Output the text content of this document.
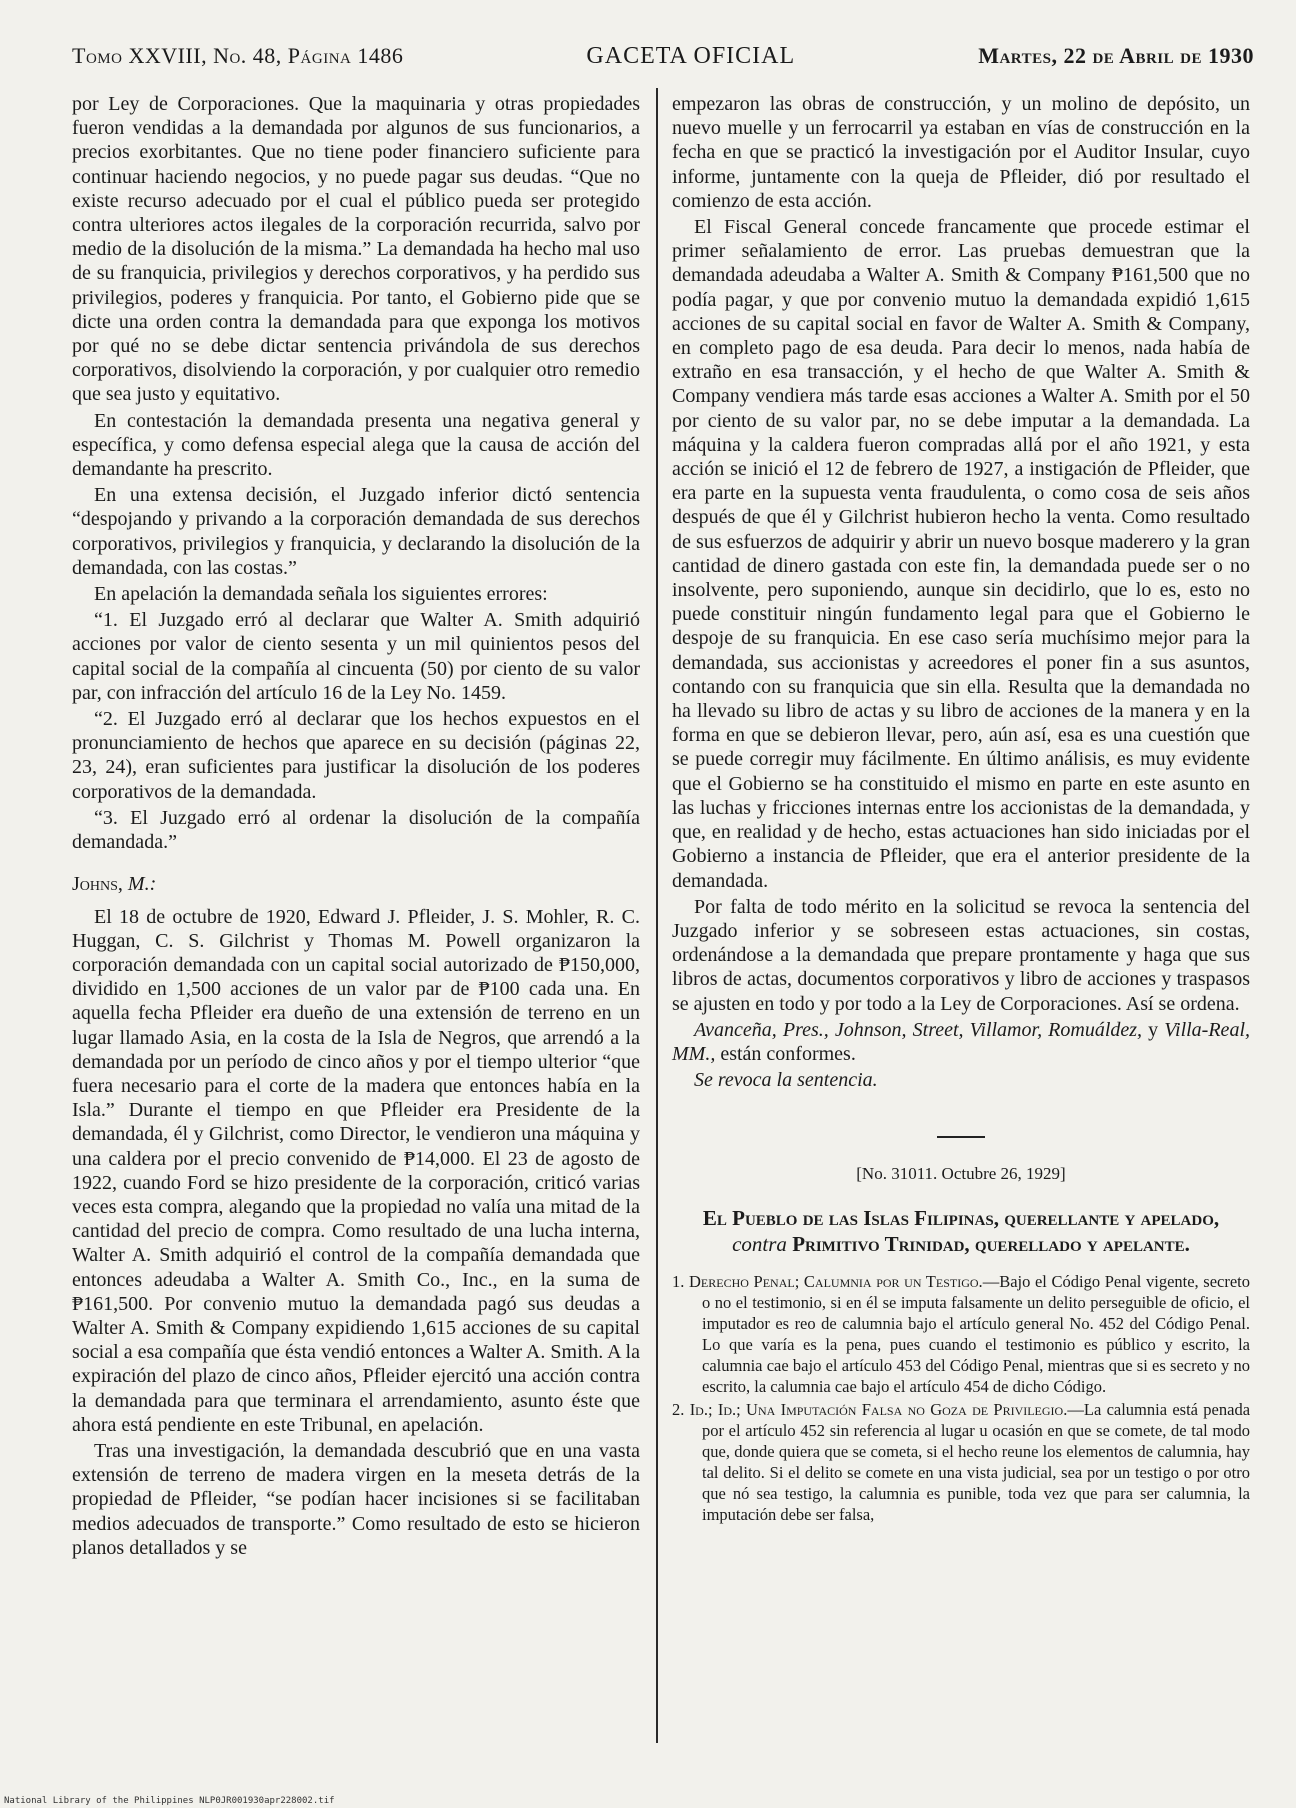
Tomo XXVIII, No. 48, Página 1486	GACETA OFICIAL	Martes, 22 de Abril de 1930

por Ley de Corporaciones. Que la maquinaria y otras propiedades fueron vendidas a la demandada por algunos de sus funcionarios, a precios exorbitantes. Que no tiene poder financiero suficiente para continuar haciendo negocios, y no puede pagar sus deudas. “Que no existe recurso adecuado por el cual el público pueda ser protegido contra ulteriores actos ilegales de la corporación recurrida, salvo por medio de la disolución de la misma.” La demandada ha hecho mal uso de su franquicia, privilegios y derechos corporativos, y ha perdido sus privilegios, poderes y franquicia. Por tanto, el Gobierno pide que se dicte una orden contra la demandada para que exponga los motivos por qué no se debe dictar sentencia privándola de sus derechos corporativos, disolviendo la corporación, y por cualquier otro remedio que sea justo y equitativo.

En contestación la demandada presenta una negativa general y específica, y como defensa especial alega que la causa de acción del demandante ha prescrito.

En una extensa decisión, el Juzgado inferior dictó sentencia “despojando y privando a la corporación demandada de sus derechos corporativos, privilegios y franquicia, y declarando la disolución de la demandada, con las costas.”

En apelación la demandada señala los siguientes errores:

“1. El Juzgado erró al declarar que Walter A. Smith adquirió acciones por valor de ciento sesenta y un mil quinientos pesos del capital social de la compañía al cincuenta (50) por ciento de su valor par, con infracción del artículo 16 de la Ley No. 1459.

“2. El Juzgado erró al declarar que los hechos expuestos en el pronunciamiento de hechos que aparece en su decisión (páginas 22, 23, 24), eran suficientes para justificar la disolución de los poderes corporativos de la demandada.

“3. El Juzgado erró al ordenar la disolución de la compañía demandada.”

Johns, M.:

El 18 de octubre de 1920, Edward J. Pfleider, J. S. Mohler, R. C. Huggan, C. S. Gilchrist y Thomas M. Powell organizaron la corporación demandada con un capital social autorizado de ₱150,000, dividido en 1,500 acciones de un valor par de ₱100 cada una. En aquella fecha Pfleider era dueño de una extensión de terreno en un lugar llamado Asia, en la costa de la Isla de Negros, que arrendó a la demandada por un período de cinco años y por el tiempo ulterior “que fuera necesario para el corte de la madera que entonces había en la Isla.” Durante el tiempo en que Pfleider era Presidente de la demandada, él y Gilchrist, como Director, le vendieron una máquina y una caldera por el precio convenido de ₱14,000. El 23 de agosto de 1922, cuando Ford se hizo presidente de la corporación, criticó varias veces esta compra, alegando que la propiedad no valía una mitad de la cantidad del precio de compra. Como resultado de una lucha interna, Walter A. Smith adquirió el control de la compañía demandada que entonces adeudaba a Walter A. Smith Co., Inc., en la suma de ₱161,500. Por convenio mutuo la demandada pagó sus deudas a Walter A. Smith & Company expidiendo 1,615 acciones de su capital social a esa compañía que ésta vendió entonces a Walter A. Smith. A la expiración del plazo de cinco años, Pfleider ejercitó una acción contra la demandada para que terminara el arrendamiento, asunto éste que ahora está pendiente en este Tribunal, en apelación.

Tras una investigación, la demandada descubrió que en una vasta extensión de terreno de madera virgen en la meseta detrás de la propiedad de Pfleider, “se podían hacer incisiones si se facilitaban medios adecuados de transporte.” Como resultado de esto se hicieron planos detallados y se

empezaron las obras de construcción, y un molino de depósito, un nuevo muelle y un ferrocarril ya estaban en vías de construcción en la fecha en que se practicó la investigación por el Auditor Insular, cuyo informe, juntamente con la queja de Pfleider, dió por resultado el comienzo de esta acción.

El Fiscal General concede francamente que procede estimar el primer señalamiento de error. Las pruebas demuestran que la demandada adeudaba a Walter A. Smith & Company ₱161,500 que no podía pagar, y que por convenio mutuo la demandada expidió 1,615 acciones de su capital social en favor de Walter A. Smith & Company, en completo pago de esa deuda. Para decir lo menos, nada había de extraño en esa transacción, y el hecho de que Walter A. Smith & Company vendiera más tarde esas acciones a Walter A. Smith por el 50 por ciento de su valor par, no se debe imputar a la demandada. La máquina y la caldera fueron compradas allá por el año 1921, y esta acción se inició el 12 de febrero de 1927, a instigación de Pfleider, que era parte en la supuesta venta fraudulenta, o como cosa de seis años después de que él y Gilchrist hubieron hecho la venta. Como resultado de sus esfuerzos de adquirir y abrir un nuevo bosque maderero y la gran cantidad de dinero gastada con este fin, la demandada puede ser o no insolvente, pero suponiendo, aunque sin decidirlo, que lo es, esto no puede constituir ningún fundamento legal para que el Gobierno le despoje de su franquicia. En ese caso sería muchísimo mejor para la demandada, sus accionistas y acreedores el poner fin a sus asuntos, contando con su franquicia que sin ella. Resulta que la demandada no ha llevado su libro de actas y su libro de acciones de la manera y en la forma en que se debieron llevar, pero, aún así, esa es una cuestión que se puede corregir muy fácilmente. En último análisis, es muy evidente que el Gobierno se ha constituido el mismo en parte en este asunto en las luchas y fricciones internas entre los accionistas de la demandada, y que, en realidad y de hecho, estas actuaciones han sido iniciadas por el Gobierno a instancia de Pfleider, que era el anterior presidente de la demandada.

Por falta de todo mérito en la solicitud se revoca la sentencia del Juzgado inferior y se sobreseen estas actuaciones, sin costas, ordenándose a la demandada que prepare prontamente y haga que sus libros de actas, documentos corporativos y libro de acciones y traspasos se ajusten en todo y por todo a la Ley de Corporaciones. Así se ordena.

Avanceña, Pres., Johnson, Street, Villamor, Romuáldez, y Villa-Real, MM., están conformes.

Se revoca la sentencia.

[No. 31011. Octubre 26, 1929]
El Pueblo de las Islas Filipinas, querellante y apelado,
contra Primitivo Trinidad, querellado y apelante.
1. Derecho Penal; Calumnia por un Testigo.—Bajo el Código Penal vigente, secreto o no el testimonio, si en él se imputa falsamente un delito perseguible de oficio, el imputador es reo de calumnia bajo el artículo general No. 452 del Código Penal. Lo que varía es la pena, pues cuando el testimonio es público y escrito, la calumnia cae bajo el artículo 453 del Código Penal, mientras que si es secreto y no escrito, la calumnia cae bajo el artículo 454 de dicho Código.
2. Id.; Id.; Una Imputación Falsa no Goza de Privilegio.—La calumnia está penada por el artículo 452 sin referencia al lugar u ocasión en que se comete, de tal modo que, donde quiera que se cometa, si el hecho reune los elementos de calumnia, hay tal delito. Si el delito se comete en una vista judicial, sea por un testigo o por otro que nó sea testigo, la calumnia es punible, toda vez que para ser calumnia, la imputación debe ser falsa,
National Library of the Philippines NLP0JR001930apr228002.tif
